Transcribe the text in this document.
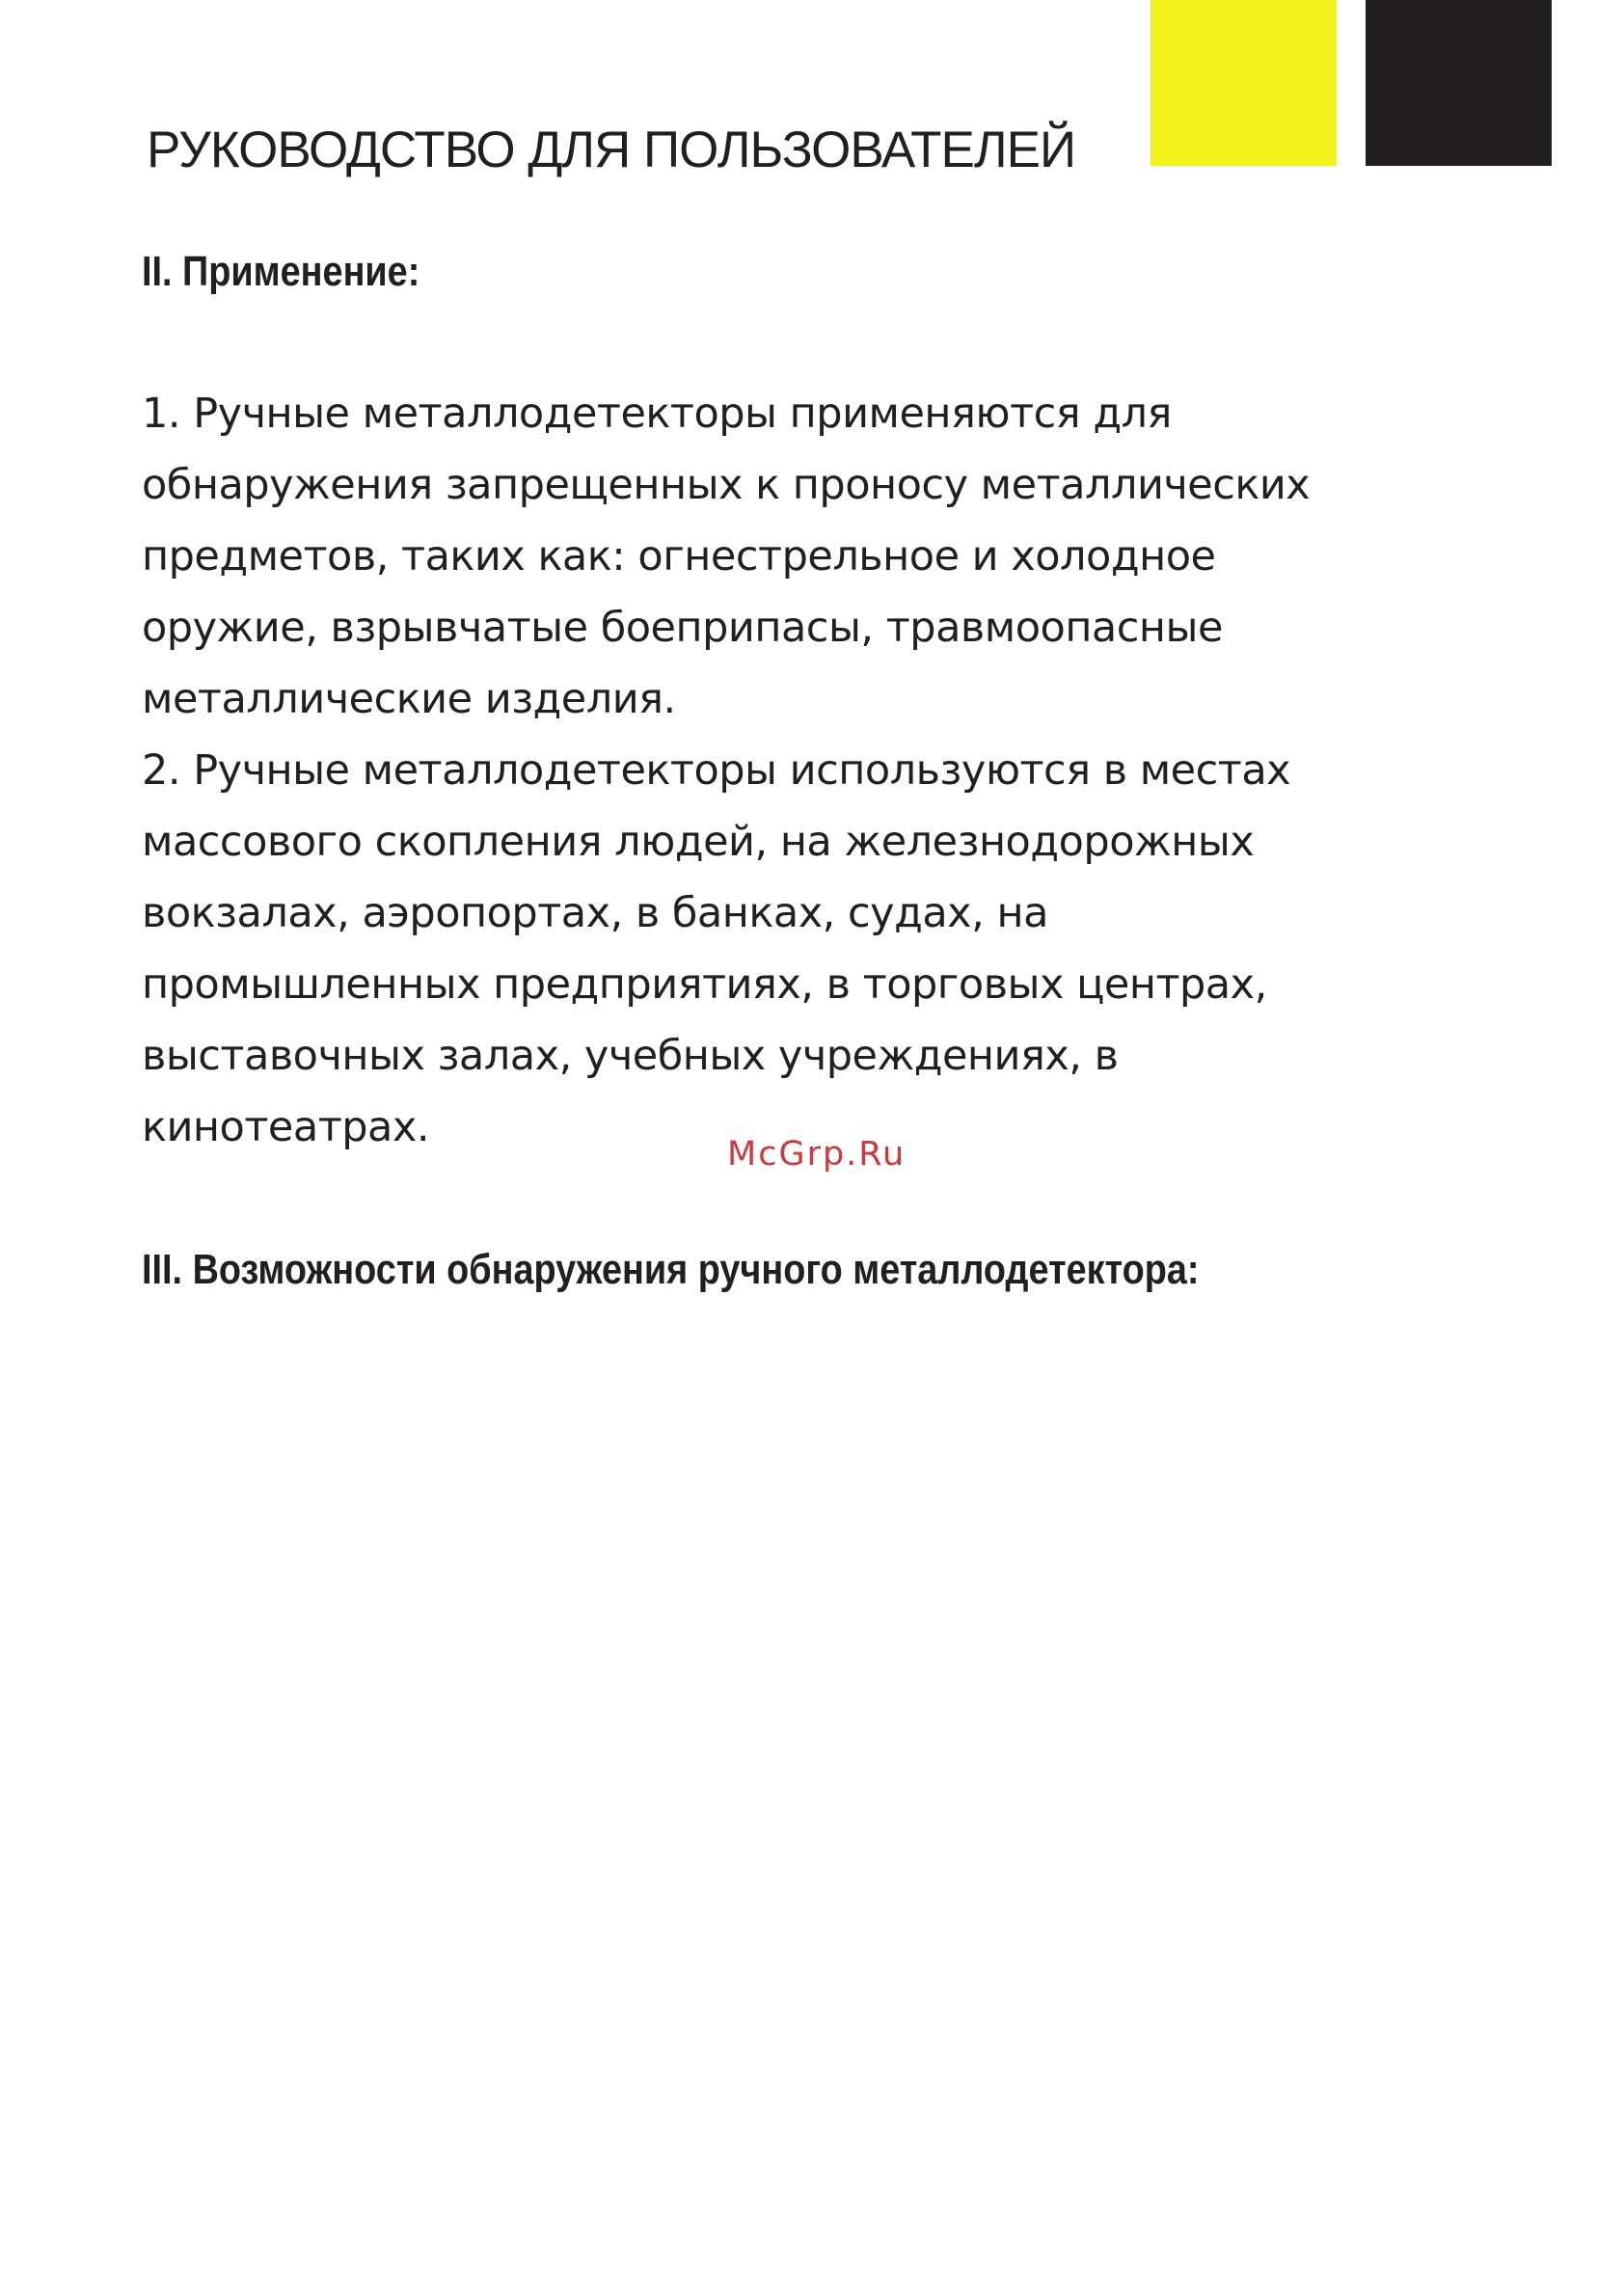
РУКОВОДСТВО ДЛЯ ПОЛЬЗОВАТЕЛЕЙ
II. Применение:

1. Ручные металлодетекторы применяются для обнаружения запрещенных к проносу металлических предметов, таких как: огнестрельное и холодное оружие, взрывчатые боеприпасы, травмоопасные металлические изделия.

2. Ручные металлодетекторы используются в местах массового скопления людей, на железнодорожных вокзалах, аэропортах, в банках, судах, на промышленных предприятиях, в торговых центрах, выставочных залах, учебных учреждениях, в кинотеатрах.

McGrp.Ru
III. Возможности обнаружения ручного металлодетектора:
